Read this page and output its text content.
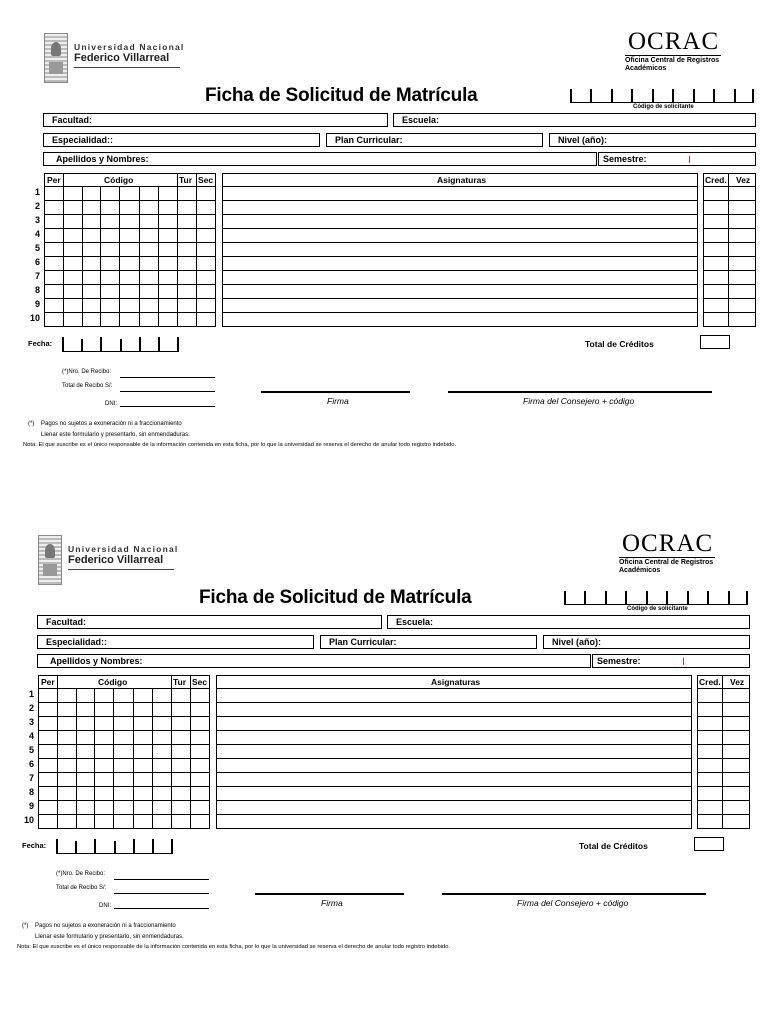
Universidad Nacional
Federico Villarreal
OCRAC
Oficina Central de Registros
Académicos
Ficha de Solicitud de Matrícula
Código de solicitante
Facultad:	Escuela:
Especialidad::	Plan Curricular:	Nivel (año):
Apellidos y Nombres:	Semestre:
Per	Código	Tur Sec	Asignaturas	Cred. Vez
1
2
3
4
5
6
7
8
9
10
Fecha:	Total de Créditos
(*)Nro. De Recibo:
Total de Recibo S/:
DNI:	Firma	Firma del Consejero + código
(*) Pagos no sujetos a exoneración ni a fraccionamiento
Llenar este formulario y presentarlo, sin enmendaduras.
Nota: El que suscribe es el único responsable de la información contenida en esta ficha, por lo que la universidad se reserva el derecho de anular todo registro indebido.
Universidad Nacional
Federico Villarreal
OCRAC
Oficina Central de Registros
Académicos
Ficha de Solicitud de Matrícula
Código de solicitante
Facultad:	Escuela:
Especialidad::	Plan Curricular:	Nivel (año):
Apellidos y Nombres:	Semestre:
Per	Código	Tur Sec	Asignaturas	Cred. Vez
1
2
3
4
5
6
7
8
9
10
Fecha:	Total de Créditos
(*)Nro. De Recibo:
Total de Recibo S/:
DNI:	Firma	Firma del Consejero + código
(*) Pagos no sujetos a exoneración ni a fraccionamiento
Llenar este formulario y presentarlo, sin enmendaduras.
Nota: El que suscribe es el único responsable de la información contenida en esta ficha, por lo que la universidad se reserva el derecho de anular todo registro indebido.
